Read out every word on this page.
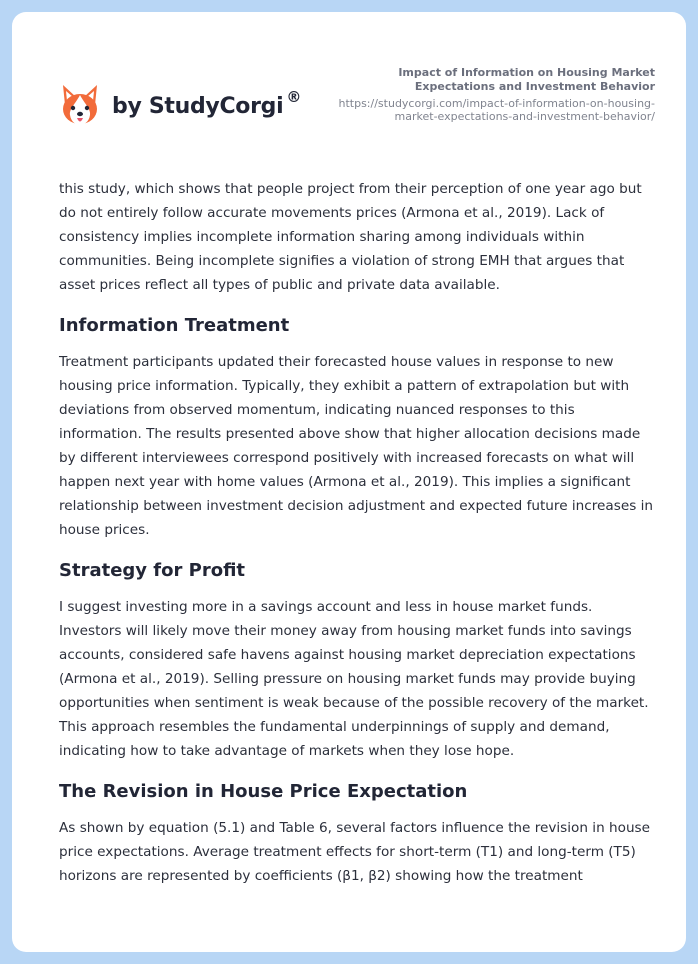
by StudyCorgi ®
Impact of Information on Housing Market Expectations and Investment Behavior
https://studycorgi.com/impact-of-information-on-housing-market-expectations-and-investment-behavior/

this study, which shows that people project from their perception of one year ago but do not entirely follow accurate movements prices (Armona et al., 2019). Lack of consistency implies incomplete information sharing among individuals within communities. Being incomplete signifies a violation of strong EMH that argues that asset prices reflect all types of public and private data available.

Information Treatment

Treatment participants updated their forecasted house values in response to new housing price information. Typically, they exhibit a pattern of extrapolation but with deviations from observed momentum, indicating nuanced responses to this information. The results presented above show that higher allocation decisions made by different interviewees correspond positively with increased forecasts on what will happen next year with home values (Armona et al., 2019). This implies a significant relationship between investment decision adjustment and expected future increases in house prices.

Strategy for Profit

I suggest investing more in a savings account and less in house market funds. Investors will likely move their money away from housing market funds into savings accounts, considered safe havens against housing market depreciation expectations (Armona et al., 2019). Selling pressure on housing market funds may provide buying opportunities when sentiment is weak because of the possible recovery of the market. This approach resembles the fundamental underpinnings of supply and demand, indicating how to take advantage of markets when they lose hope.

The Revision in House Price Expectation

As shown by equation (5.1) and Table 6, several factors influence the revision in house price expectations. Average treatment effects for short-term (T1) and long-term (T5) horizons are represented by coefficients (β1, β2) showing how the treatment
